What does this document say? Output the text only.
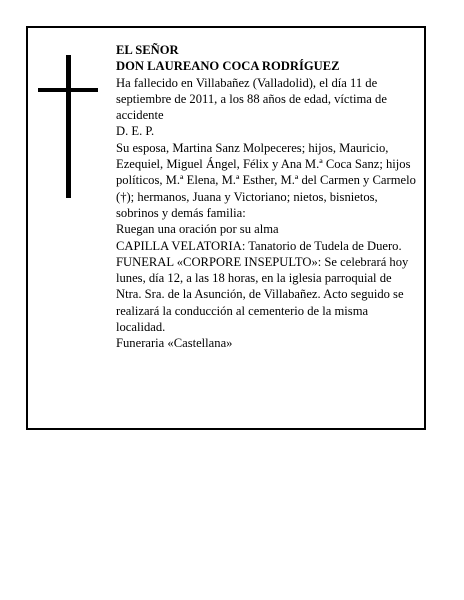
EL SEÑOR

DON LAUREANO COCA RODRÍGUEZ

Ha fallecido en Villabañez (Valladolid), el día 11 de septiembre de 2011, a los 88 años de edad, víctima de accidente

D. E. P.

Su esposa, Martina Sanz Molpeceres; hijos, Mauricio, Ezequiel, Miguel Ángel, Félix y Ana M.ª Coca Sanz; hijos políticos, M.ª Elena, M.ª Esther, M.ª del Carmen y Carmelo (†); hermanos, Juana y Victoriano; nietos, bisnietos, sobrinos y demás familia:

Ruegan una oración por su alma

CAPILLA VELATORIA: Tanatorio de Tudela de Duero.

FUNERAL «CORPORE INSEPULTO»: Se celebrará hoy lunes, día 12, a las 18 horas, en la iglesia parroquial de Ntra. Sra. de la Asunción, de Villabañez. Acto seguido se realizará la conducción al cementerio de la misma localidad.

Funeraria «Castellana»
